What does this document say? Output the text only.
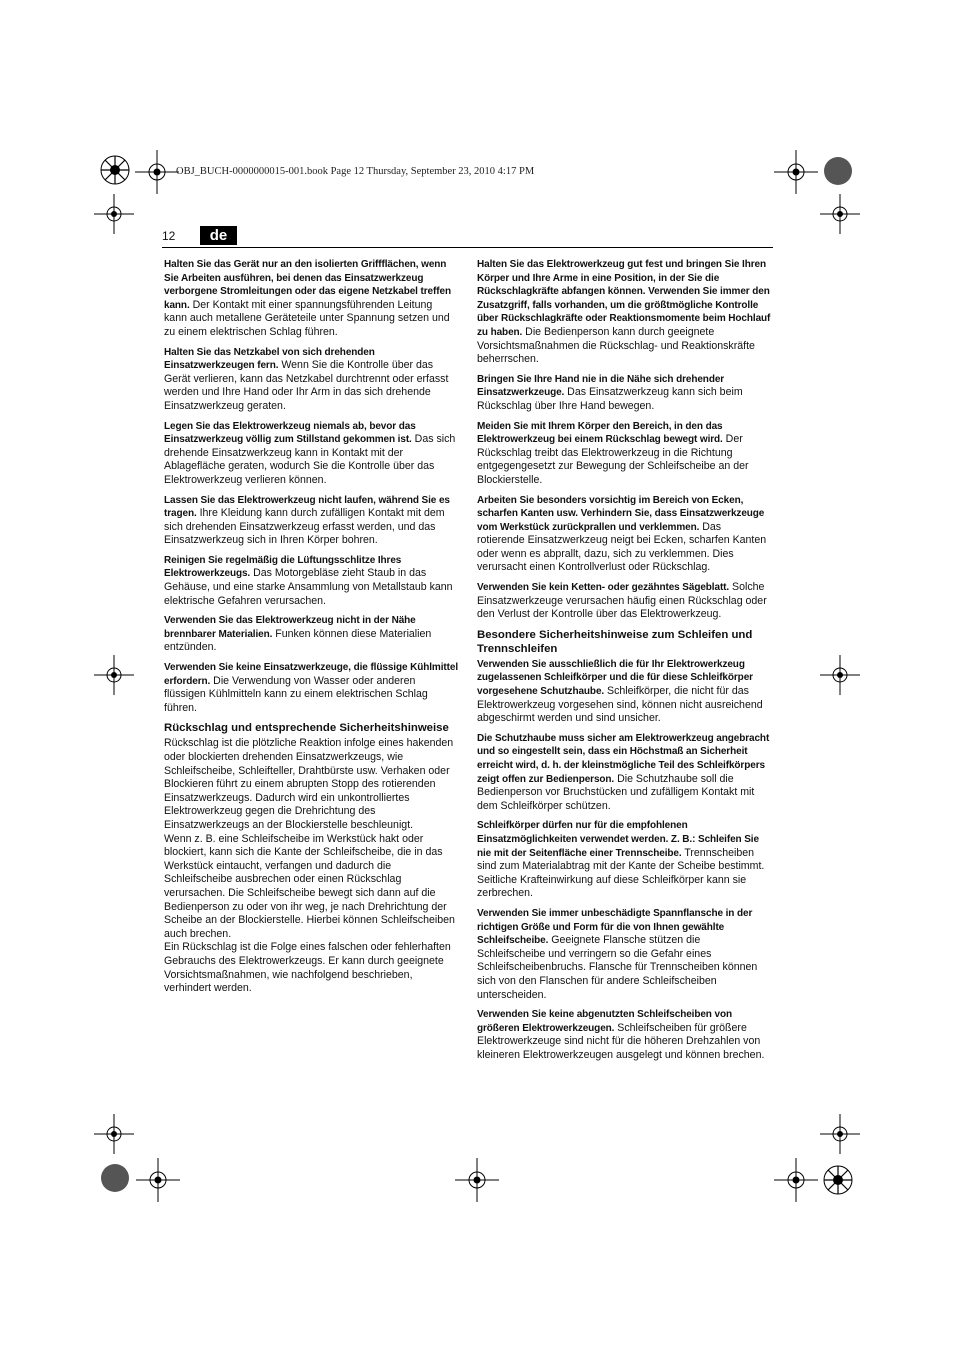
OBJ_BUCH-0000000015-001.book Page 12 Thursday, September 23, 2010 4:17 PM
12	de

Halten Sie das Gerät nur an den isolierten Griffflächen, wenn Sie Arbeiten ausführen, bei denen das Einsatzwerkzeug verborgene Stromleitungen oder das eigene Netzkabel treffen kann. Der Kontakt mit einer spannungsführenden Leitung kann auch metallene Geräteteile unter Spannung setzen und zu einem elektrischen Schlag führen.

Halten Sie das Netzkabel von sich drehenden Einsatzwerkzeugen fern. Wenn Sie die Kontrolle über das Gerät verlieren, kann das Netzkabel durchtrennt oder erfasst werden und Ihre Hand oder Ihr Arm in das sich drehende Einsatzwerkzeug geraten.

Legen Sie das Elektrowerkzeug niemals ab, bevor das Einsatzwerkzeug völlig zum Stillstand gekommen ist. Das sich drehende Einsatzwerkzeug kann in Kontakt mit der Ablagefläche geraten, wodurch Sie die Kontrolle über das Elektrowerkzeug verlieren können.

Lassen Sie das Elektrowerkzeug nicht laufen, während Sie es tragen. Ihre Kleidung kann durch zufälligen Kontakt mit dem sich drehenden Einsatzwerkzeug erfasst werden, und das Einsatzwerkzeug sich in Ihren Körper bohren.

Reinigen Sie regelmäßig die Lüftungsschlitze Ihres Elektrowerkzeugs. Das Motorgebläse zieht Staub in das Gehäuse, und eine starke Ansammlung von Metallstaub kann elektrische Gefahren verursachen.

Verwenden Sie das Elektrowerkzeug nicht in der Nähe brennbarer Materialien. Funken können diese Materialien entzünden.

Verwenden Sie keine Einsatzwerkzeuge, die flüssige Kühlmittel erfordern. Die Verwendung von Wasser oder anderen flüssigen Kühlmitteln kann zu einem elektrischen Schlag führen.

Rückschlag und entsprechende Sicherheitshinweise

Rückschlag ist die plötzliche Reaktion infolge eines hakenden oder blockierten drehenden Einsatzwerkzeugs, wie Schleifscheibe, Schleifteller, Drahtbürste usw. Verhaken oder Blockieren führt zu einem abrupten Stopp des rotierenden Einsatzwerkzeugs. Dadurch wird ein unkontrolliertes Elektrowerkzeug gegen die Drehrichtung des Einsatzwerkzeugs an der Blockierstelle beschleunigt.

Wenn z. B. eine Schleifscheibe im Werkstück hakt oder blockiert, kann sich die Kante der Schleifscheibe, die in das Werkstück eintaucht, verfangen und dadurch die Schleifscheibe ausbrechen oder einen Rückschlag verursachen. Die Schleifscheibe bewegt sich dann auf die Bedienperson zu oder von ihr weg, je nach Drehrichtung der Scheibe an der Blockierstelle. Hierbei können Schleifscheiben auch brechen.

Ein Rückschlag ist die Folge eines falschen oder fehlerhaften Gebrauchs des Elektrowerkzeugs. Er kann durch geeignete Vorsichtsmaßnahmen, wie nachfolgend beschrieben, verhindert werden.

Halten Sie das Elektrowerkzeug gut fest und bringen Sie Ihren Körper und Ihre Arme in eine Position, in der Sie die Rückschlagkräfte abfangen können. Verwenden Sie immer den Zusatzgriff, falls vorhanden, um die größtmögliche Kontrolle über Rückschlagkräfte oder Reaktionsmomente beim Hochlauf zu haben. Die Bedienperson kann durch geeignete Vorsichtsmaßnahmen die Rückschlag- und Reaktionskräfte beherrschen.

Bringen Sie Ihre Hand nie in die Nähe sich drehender Einsatzwerkzeuge. Das Einsatzwerkzeug kann sich beim Rückschlag über Ihre Hand bewegen.

Meiden Sie mit Ihrem Körper den Bereich, in den das Elektrowerkzeug bei einem Rückschlag bewegt wird. Der Rückschlag treibt das Elektrowerkzeug in die Richtung entgegengesetzt zur Bewegung der Schleifscheibe an der Blockierstelle.

Arbeiten Sie besonders vorsichtig im Bereich von Ecken, scharfen Kanten usw. Verhindern Sie, dass Einsatzwerkzeuge vom Werkstück zurückprallen und verklemmen. Das rotierende Einsatzwerkzeug neigt bei Ecken, scharfen Kanten oder wenn es abprallt, dazu, sich zu verklemmen. Dies verursacht einen Kontrollverlust oder Rückschlag.

Verwenden Sie kein Ketten- oder gezähntes Sägeblatt. Solche Einsatzwerkzeuge verursachen häufig einen Rückschlag oder den Verlust der Kontrolle über das Elektrowerkzeug.

Besondere Sicherheitshinweise zum Schleifen und Trennschleifen

Verwenden Sie ausschließlich die für Ihr Elektrowerkzeug zugelassenen Schleifkörper und die für diese Schleifkörper vorgesehene Schutzhaube. Schleifkörper, die nicht für das Elektrowerkzeug vorgesehen sind, können nicht ausreichend abgeschirmt werden und sind unsicher.

Die Schutzhaube muss sicher am Elektrowerkzeug angebracht und so eingestellt sein, dass ein Höchstmaß an Sicherheit erreicht wird, d. h. der kleinstmögliche Teil des Schleifkörpers zeigt offen zur Bedienperson. Die Schutzhaube soll die Bedienperson vor Bruchstücken und zufälligem Kontakt mit dem Schleifkörper schützen.

Schleifkörper dürfen nur für die empfohlenen Einsatzmöglichkeiten verwendet werden. Z. B.: Schleifen Sie nie mit der Seitenfläche einer Trennscheibe. Trennscheiben sind zum Materialabtrag mit der Kante der Scheibe bestimmt. Seitliche Krafteinwirkung auf diese Schleifkörper kann sie zerbrechen.

Verwenden Sie immer unbeschädigte Spannflansche in der richtigen Größe und Form für die von Ihnen gewählte Schleifscheibe. Geeignete Flansche stützen die Schleifscheibe und verringern so die Gefahr eines Schleifscheibenbruchs. Flansche für Trennscheiben können sich von den Flanschen für andere Schleifscheiben unterscheiden.

Verwenden Sie keine abgenutzten Schleifscheiben von größeren Elektrowerkzeugen. Schleifscheiben für größere Elektrowerkzeuge sind nicht für die höheren Drehzahlen von kleineren Elektrowerkzeugen ausgelegt und können brechen.
